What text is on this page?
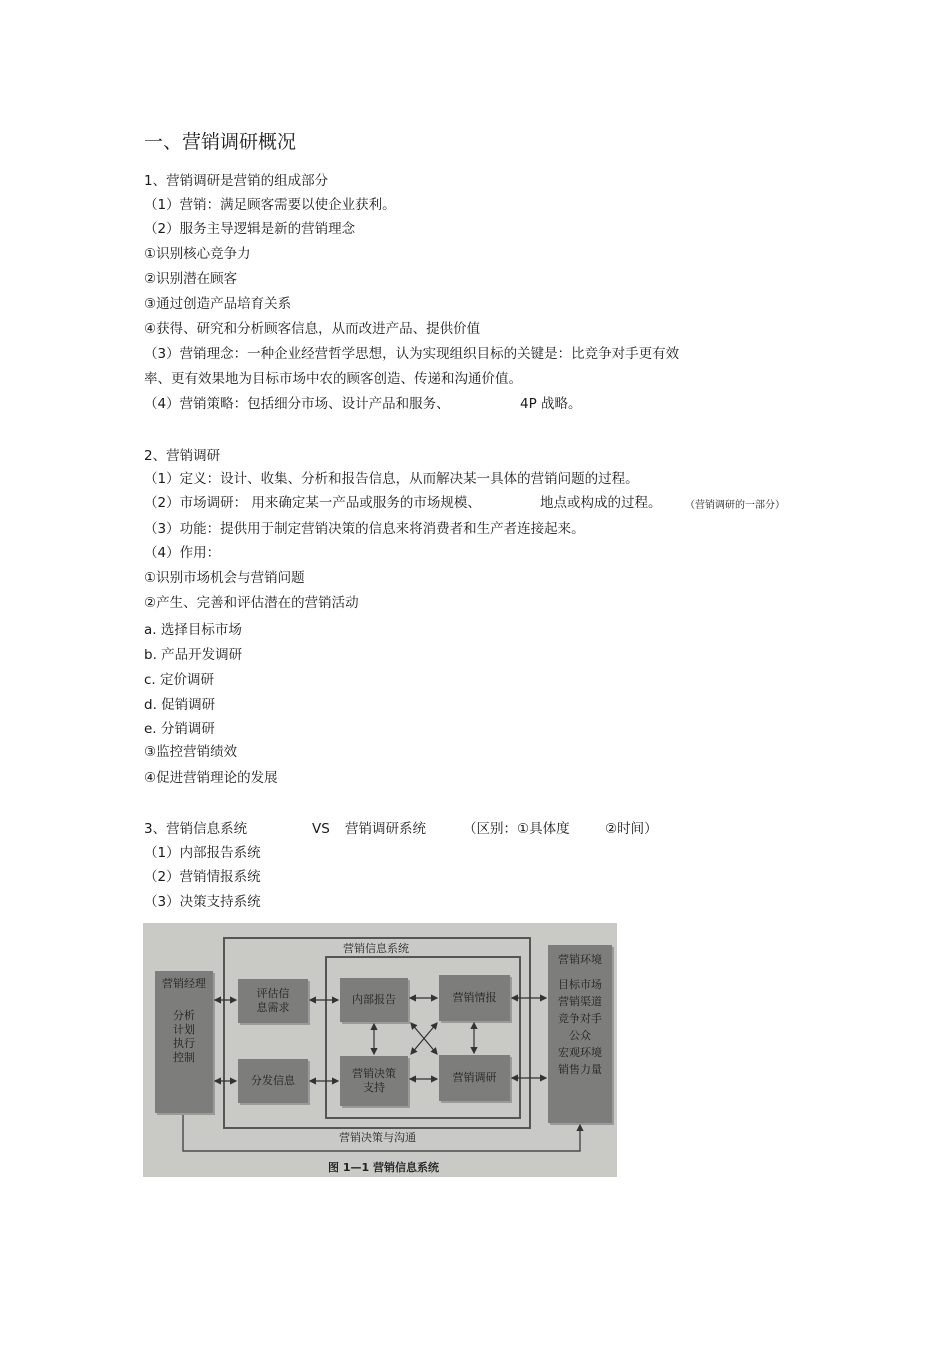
一、营销调研概况
1、营销调研是营销的组成部分
（1）营销：满足顾客需要以使企业获利。
（2）服务主导逻辑是新的营销理念
①识别核心竞争力
②识别潜在顾客
③通过创造产品培育关系
④获得、研究和分析顾客信息，从而改进产品、提供价值
（3）营销理念：一种企业经营哲学思想，认为实现组织目标的关键是：比竞争对手更有效
率、更有效果地为目标市场中农的顾客创造、传递和沟通价值。
（4）营销策略：包括细分市场、设计产品和服务、	4P 战略。
2、营销调研
（1）定义：设计、收集、分析和报告信息，从而解决某一具体的营销问题的过程。
（2）市场调研： 用来确定某一产品或服务的市场规模、	地点或构成的过程。 （营销调研的一部分）
（3）功能：提供用于制定营销决策的信息来将消费者和生产者连接起来。
（4）作用：
①识别市场机会与营销问题
②产生、完善和评估潜在的营销活动
a. 选择目标市场
b. 产品开发调研
c. 定价调研
d. 促销调研
e. 分销调研
③监控营销绩效
④促进营销理论的发展
3、营销信息系统	VS 营销调研系统	（区别：①具体度	②时间）
（1）内部报告系统
（2）营销情报系统
（3）决策支持系统
营销信息系统
营销经理
分析
计划
执行
控制
评估信
息需求
分发信息
内部报告	营销情报
营销决策
支持
营销调研
营销环境
目标市场
营销渠道
竞争对手
公众
宏观环境
销售力量
营销决策与沟通
图 1—1 营销信息系统
